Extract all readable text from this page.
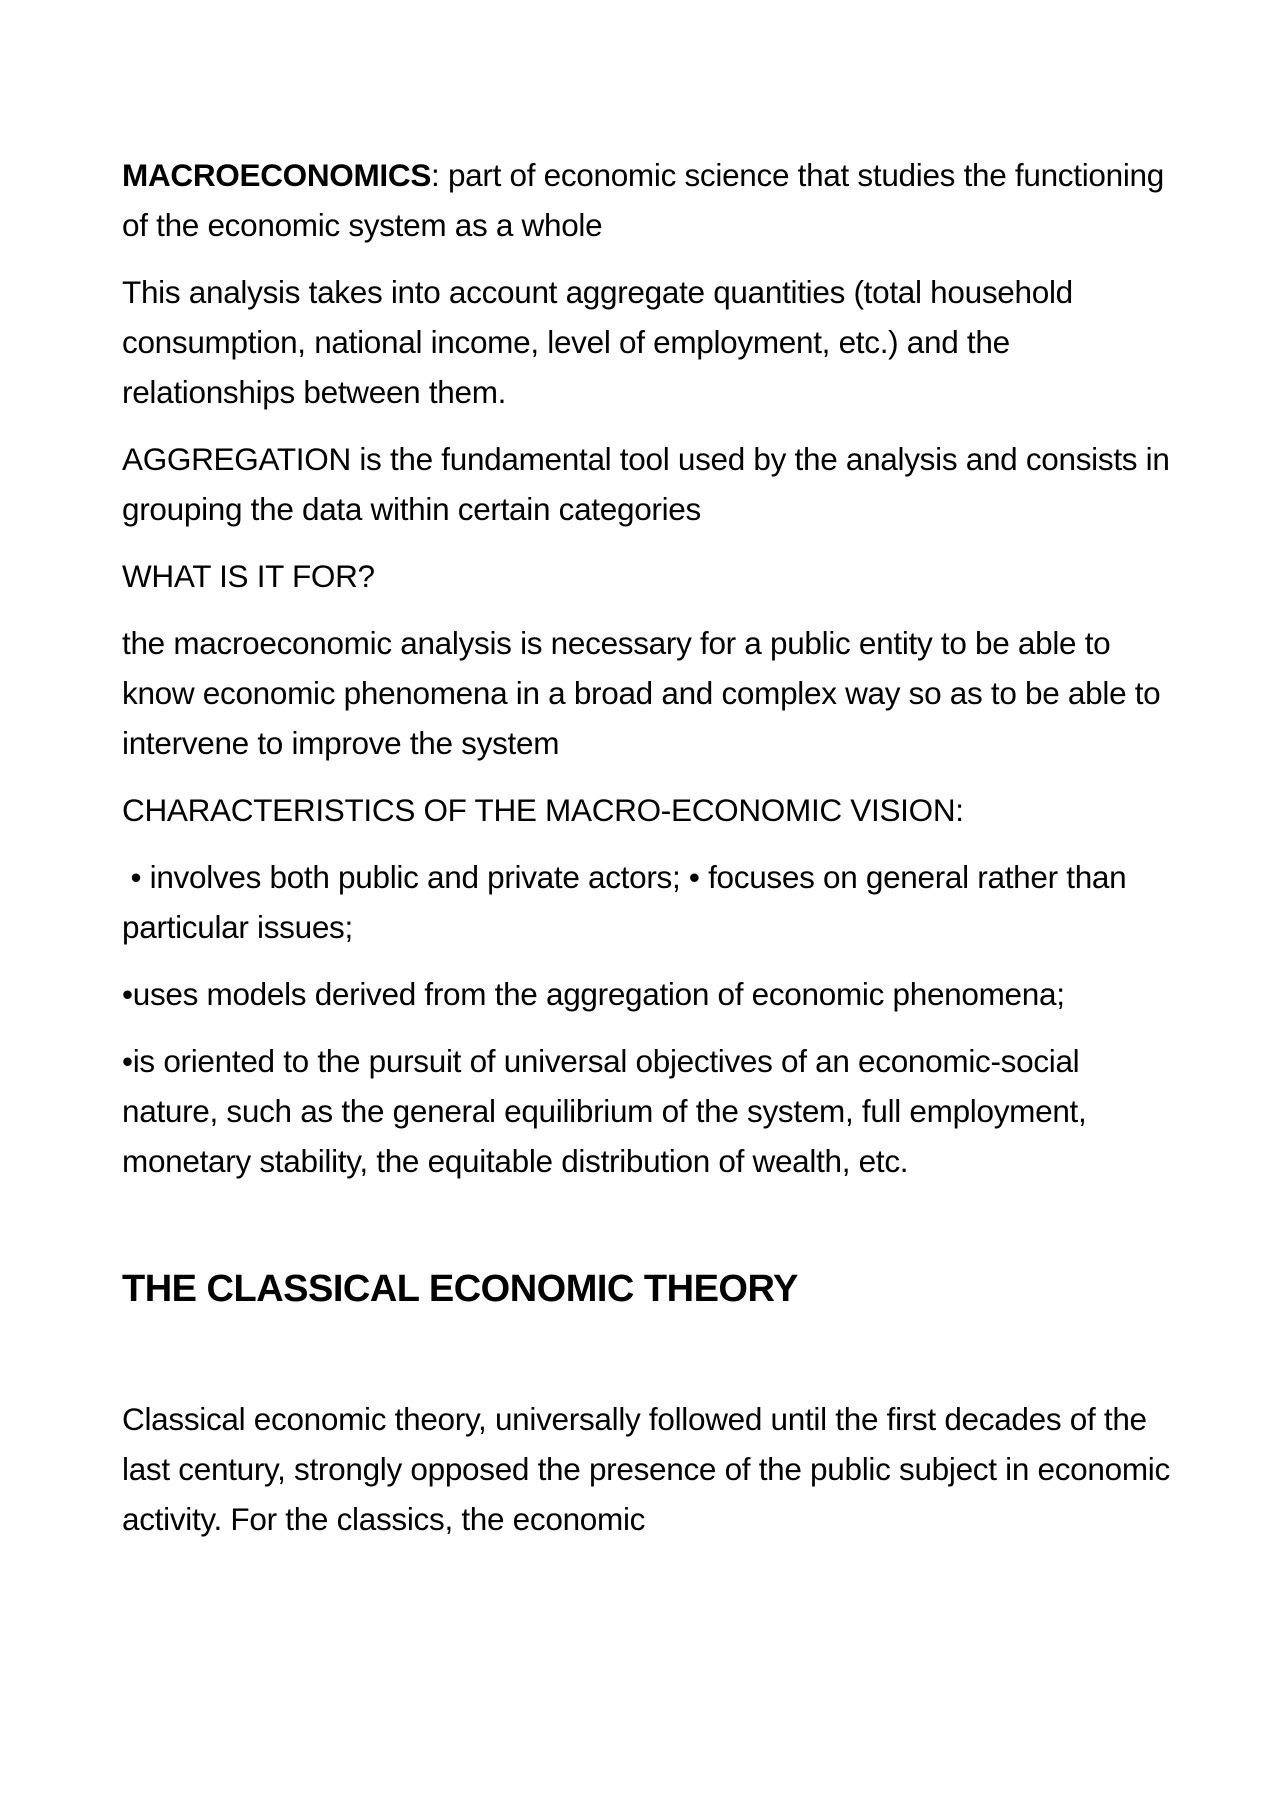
MACROECONOMICS: part of economic science that studies the functioning of the economic system as a whole

This analysis takes into account aggregate quantities (total household consumption, national income, level of employment, etc.) and the relationships between them.

AGGREGATION is the fundamental tool used by the analysis and consists in grouping the data within certain categories

WHAT IS IT FOR?

the macroeconomic analysis is necessary for a public entity to be able to know economic phenomena in a broad and complex way so as to be able to intervene to improve the system

CHARACTERISTICS OF THE MACRO-ECONOMIC VISION:

• involves both public and private actors; • focuses on general rather than particular issues;

•uses models derived from the aggregation of economic phenomena;

•is oriented to the pursuit of universal objectives of an economic-social nature, such as the general equilibrium of the system, full employment, monetary stability, the equitable distribution of wealth, etc.

THE CLASSICAL ECONOMIC THEORY

Classical economic theory, universally followed until the first decades of the last century, strongly opposed the presence of the public subject in economic activity. For the classics, the economic
